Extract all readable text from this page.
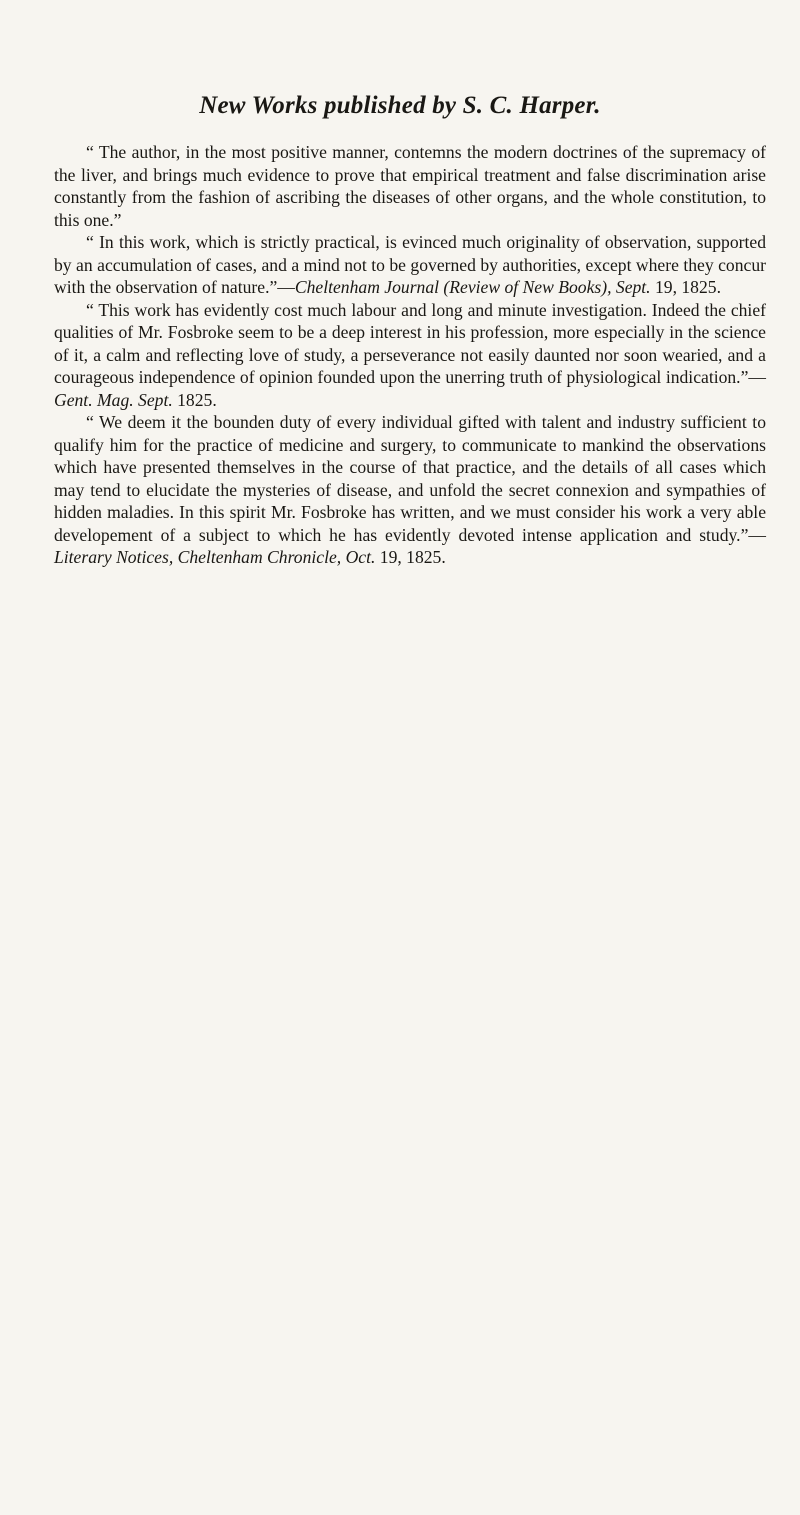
New Works published by S. C. Harper.

“ The author, in the most positive manner, contemns the modern doctrines of the supremacy of the liver, and brings much evidence to prove that empirical treatment and false discrimination arise constantly from the fashion of ascribing the diseases of other organs, and the whole constitution, to this one.”

“ In this work, which is strictly practical, is evinced much originality of observation, supported by an accumulation of cases, and a mind not to be governed by authorities, except where they concur with the observation of nature.”—Cheltenham Journal (Review of New Books), Sept. 19, 1825.

“ This work has evidently cost much labour and long and minute investigation. Indeed the chief qualities of Mr. Fosbroke seem to be a deep interest in his profession, more especially in the science of it, a calm and reflecting love of study, a perseverance not easily daunted nor soon wearied, and a courageous independence of opinion founded upon the unerring truth of physiological indication.”—Gent. Mag. Sept. 1825.

“ We deem it the bounden duty of every individual gifted with talent and industry sufficient to qualify him for the practice of medicine and surgery, to communicate to mankind the observations which have presented themselves in the course of that practice, and the details of all cases which may tend to elucidate the mysteries of disease, and unfold the secret connexion and sympathies of hidden maladies. In this spirit Mr. Fosbroke has written, and we must consider his work a very able developement of a subject to which he has evidently devoted intense application and study.”—Literary Notices, Cheltenham Chronicle, Oct. 19, 1825.
